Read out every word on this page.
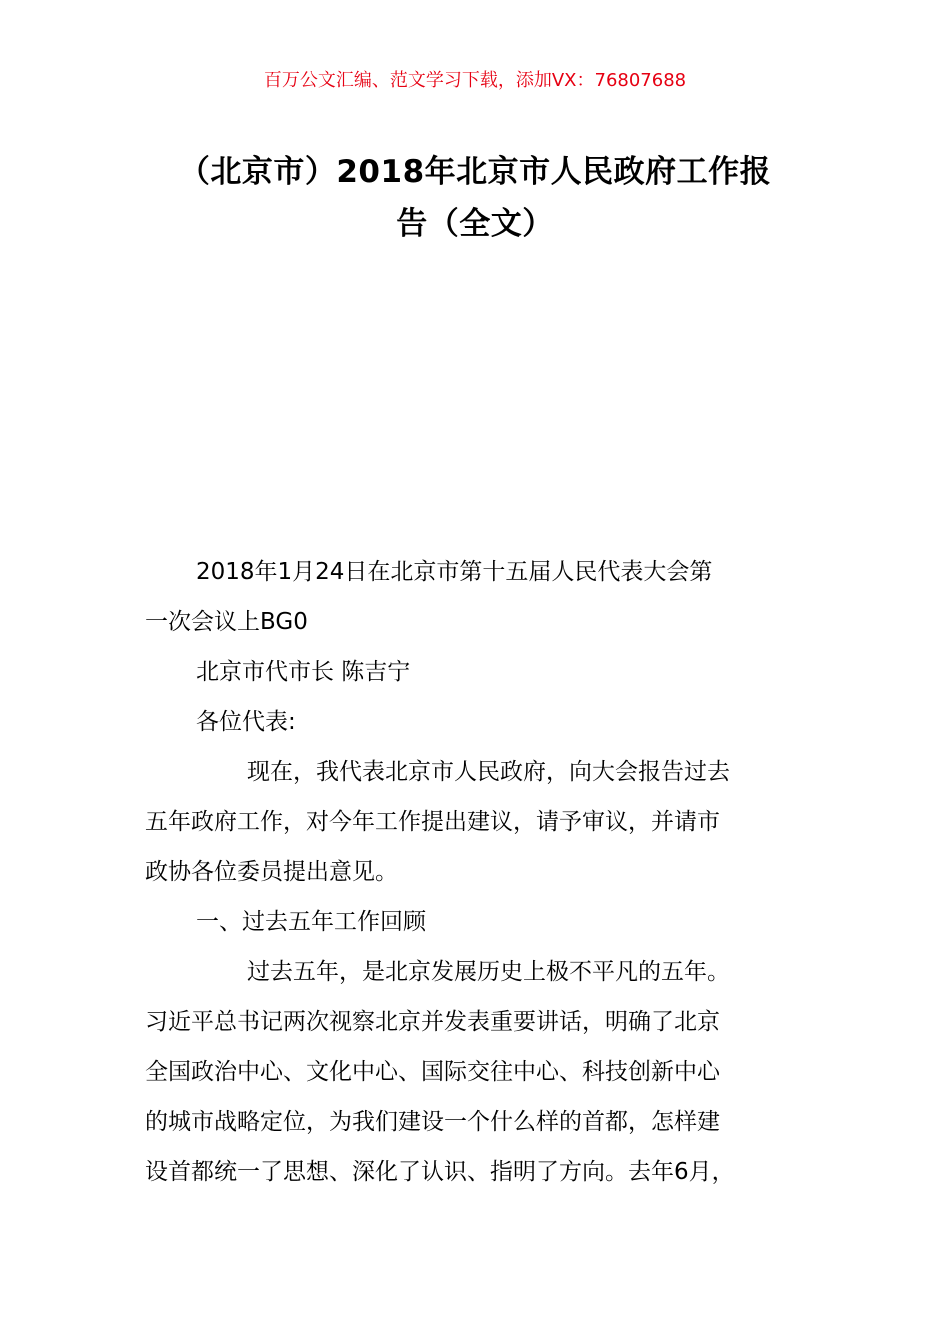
百万公文汇编、范文学习下载，添加VX：76807688
（北京市）2018年北京市人民政府工作报
告（全文）
2018年1月24日在北京市第十五届人民代表大会第
一次会议上BG0
北京市代市长 陈吉宁
各位代表:
现在，我代表北京市人民政府，向大会报告过去
五年政府工作，对今年工作提出建议，请予审议，并请市
政协各位委员提出意见。
一、过去五年工作回顾
过去五年，是北京发展历史上极不平凡的五年。
习近平总书记两次视察北京并发表重要讲话，明确了北京
全国政治中心、文化中心、国际交往中心、科技创新中心
的城市战略定位，为我们建设一个什么样的首都，怎样建
设首都统一了思想、深化了认识、指明了方向。去年6月，
